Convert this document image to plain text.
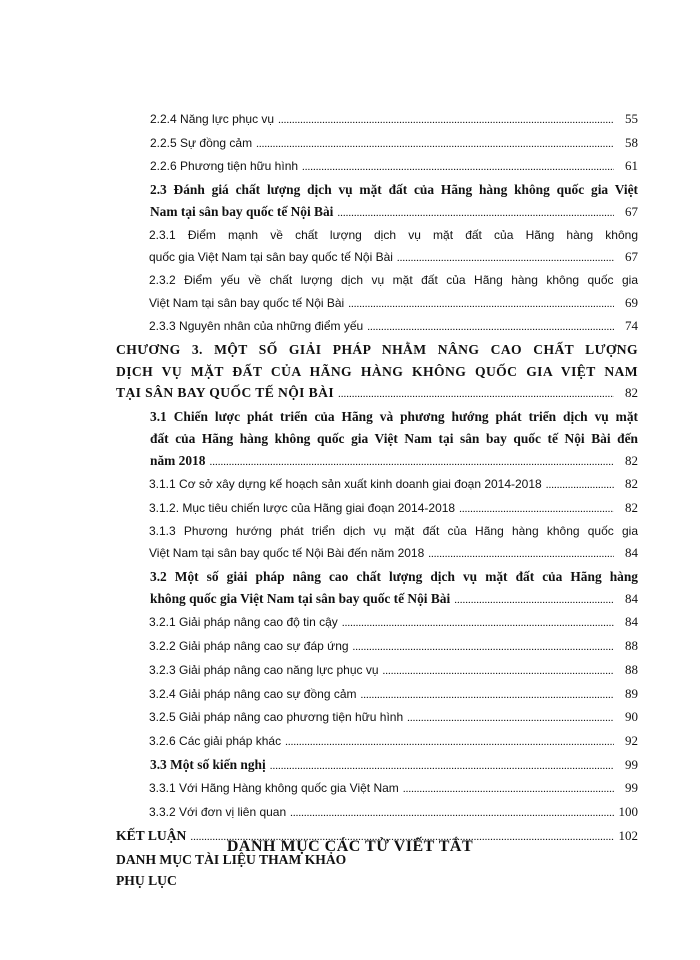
2.2.4 Năng lực phục vụ .....	55
2.2.5 Sự đồng cảm .....	58
2.2.6 Phương tiện hữu hình .....	61
2.3 Đánh giá chất lượng dịch vụ mặt đất của Hãng hàng không quốc gia Việt
Nam tại sân bay quốc tế Nội Bài .....	67
2.3.1 Điểm mạnh về chất lượng dịch vụ mặt đất của Hãng hàng không
quốc gia Việt Nam tại sân bay quốc tế Nội Bài .....	67
2.3.2 Điểm yếu về chất lượng dịch vụ mặt đất của Hãng hàng không quốc gia
Việt Nam tại sân bay quốc tế Nội Bài .....	69
2.3.3 Nguyên nhân của những điểm yếu .....	74
CHƯƠNG 3. MỘT SỐ GIẢI PHÁP NHẰM NÂNG CAO CHẤT LƯỢNG
DỊCH VỤ MẶT ĐẤT CỦA HÃNG HÀNG KHÔNG QUỐC GIA VIỆT NAM
TẠI SÂN BAY QUỐC TẾ NỘI BÀI .....	82
3.1 Chiến lược phát triển của Hãng và phương hướng phát triển dịch vụ mặt
đất của Hãng hàng không quốc gia Việt Nam tại sân bay quốc tế Nội Bài đến
năm 2018 .....	82
3.1.1 Cơ sở xây dựng kế hoạch sản xuất kinh doanh giai đoạn 2014-2018 .....	82
3.1.2. Mục tiêu chiến lược của Hãng giai đoạn 2014-2018 .....	82
3.1.3 Phương hướng phát triển dịch vụ mặt đất của Hãng hàng không quốc gia
Việt Nam tại sân bay quốc tế Nội Bài đến năm 2018 .....	84
3.2 Một số giải pháp nâng cao chất lượng dịch vụ mặt đất của Hãng hàng
không quốc gia Việt Nam tại sân bay quốc tế Nội Bài .....	84
3.2.1 Giải pháp nâng cao độ tin cậy .....	84
3.2.2 Giải pháp nâng cao sự đáp ứng .....	88
3.2.3 Giải pháp nâng cao năng lực phục vụ .....	88
3.2.4 Giải pháp nâng cao sự đồng cảm .....	89
3.2.5 Giải pháp nâng cao phương tiện hữu hình .....	90
3.2.6 Các giải pháp khác .....	92
3.3 Một số kiến nghị .....	99
3.3.1 Với Hãng Hàng không quốc gia Việt Nam .....	99
3.3.2 Với đơn vị liên quan .....	100
KẾT LUẬN .....	102
DANH MỤC TÀI LIỆU THAM KHẢO
PHỤ LỤC
DANH MỤC CÁC TỪ VIẾT TẮT
